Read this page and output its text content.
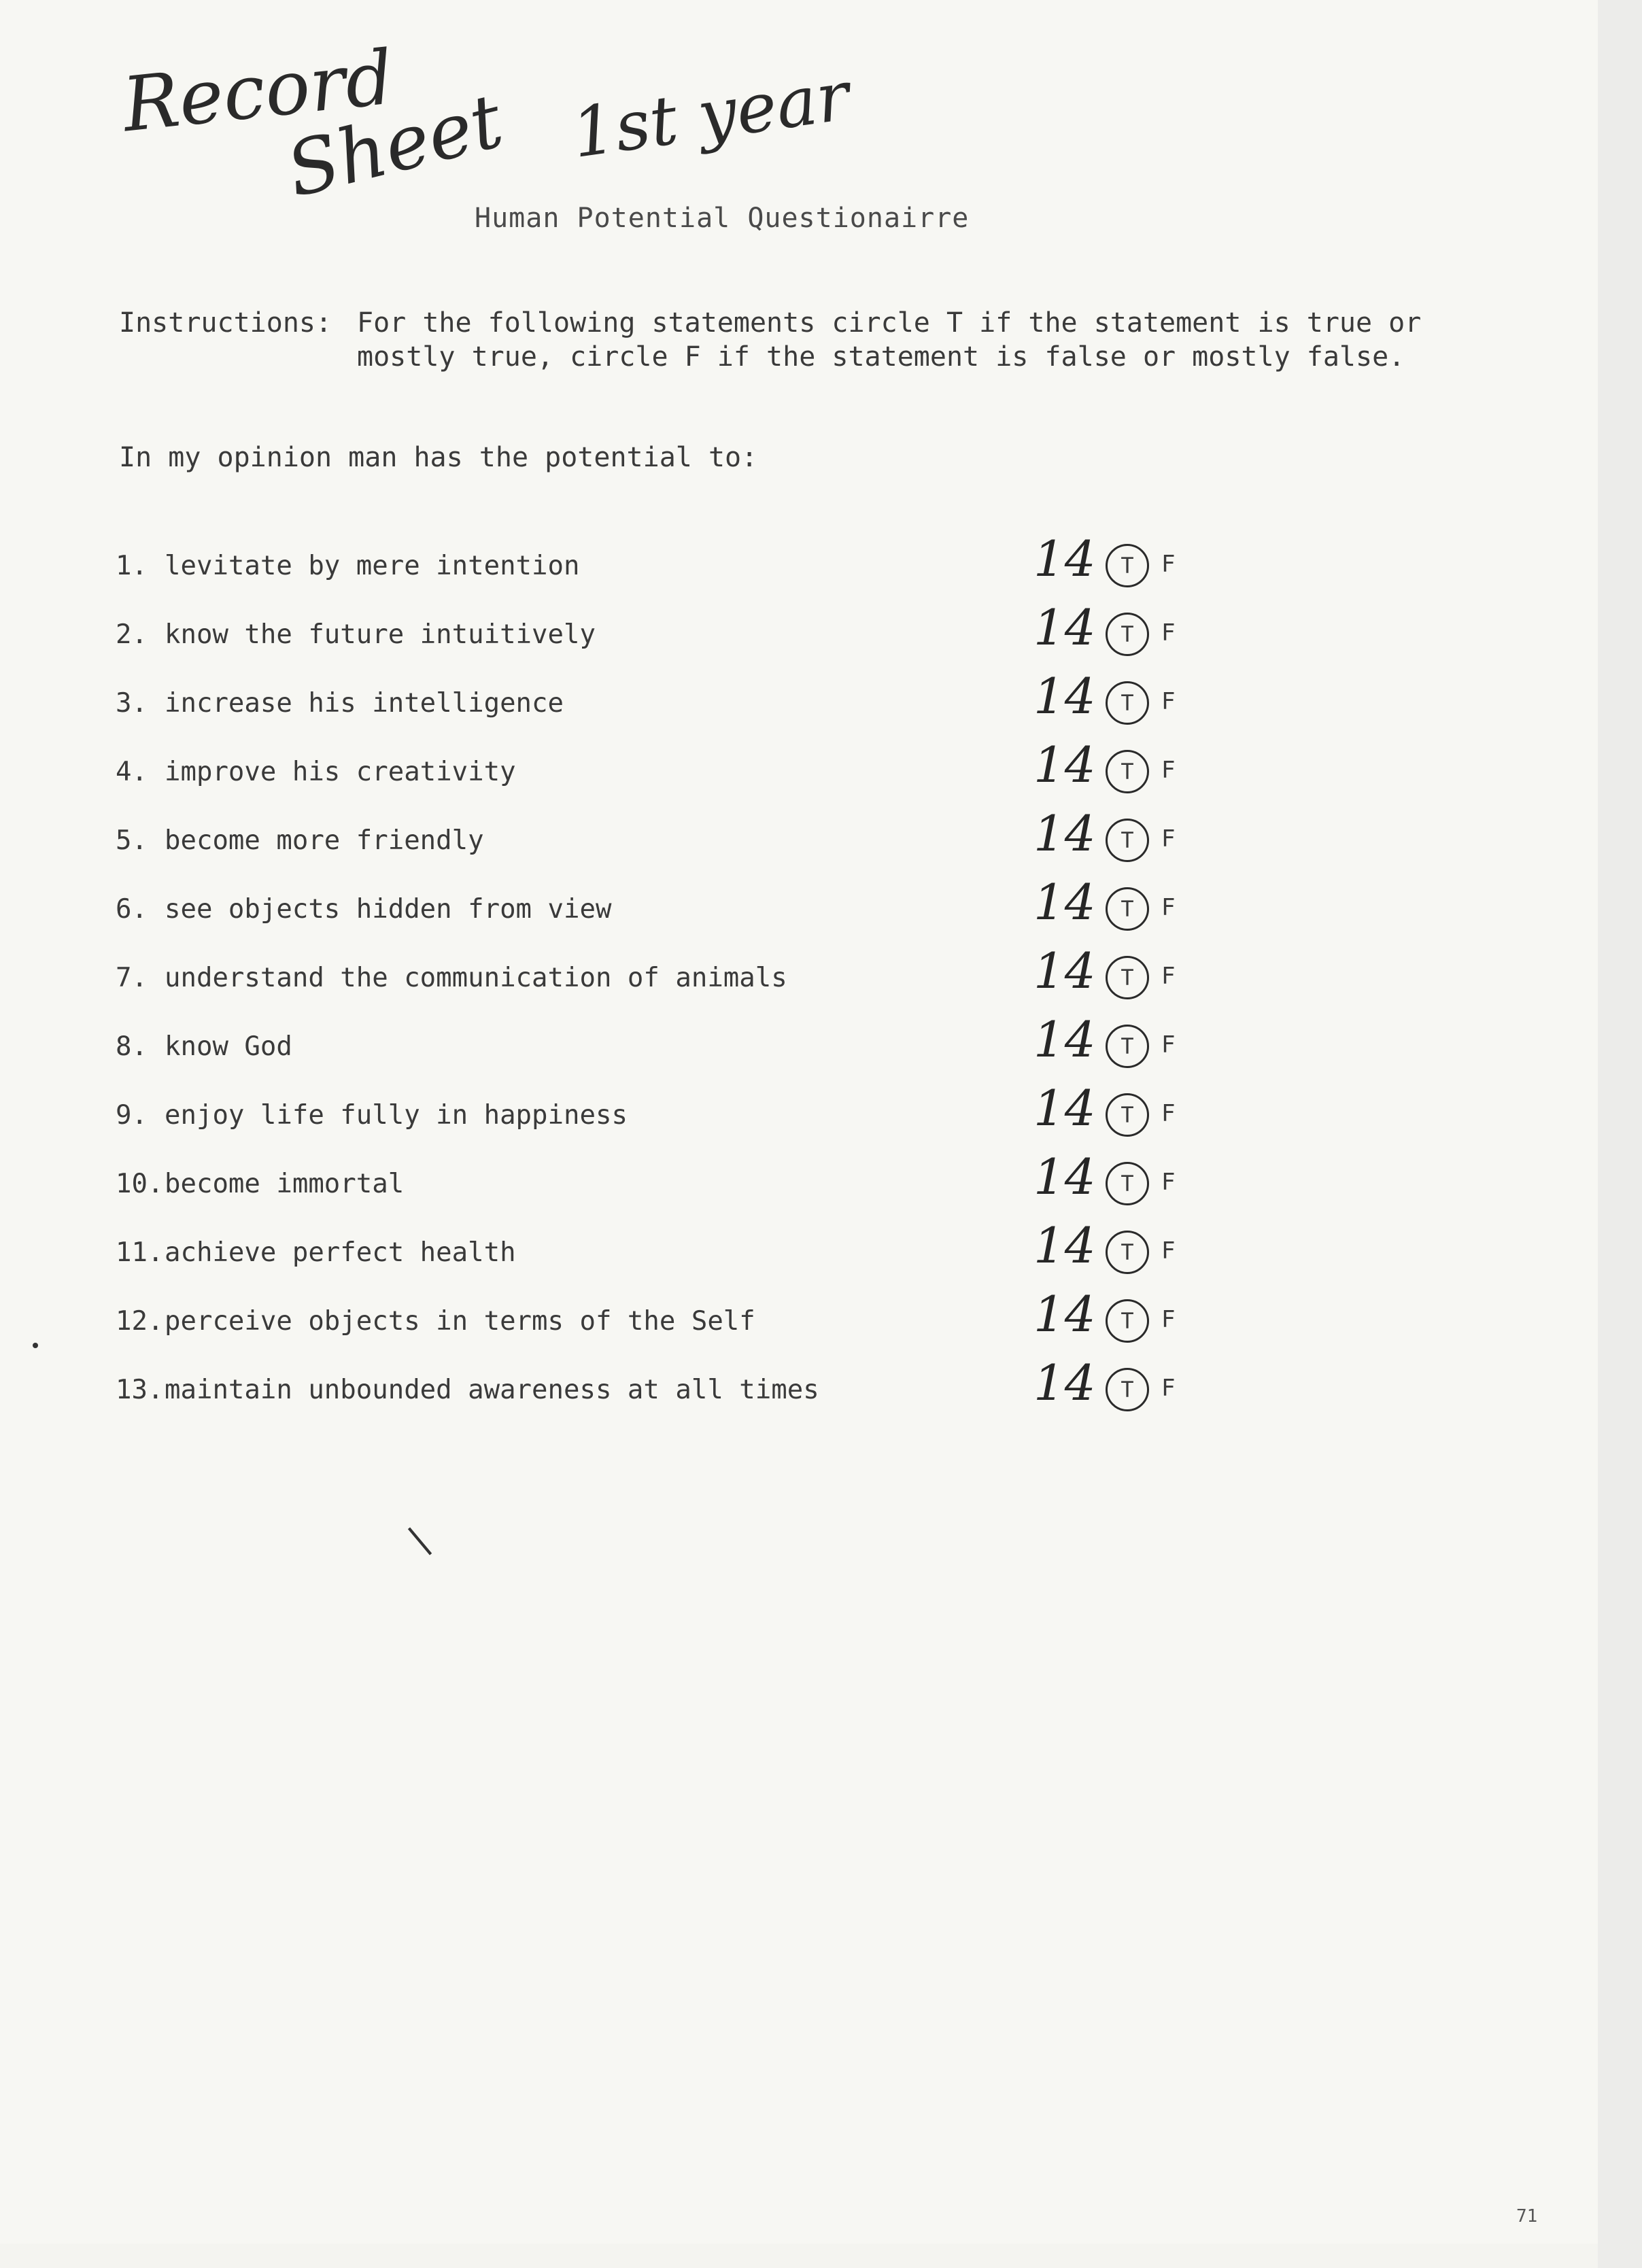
Record
Sheet 1st year
Human Potential Questionairre
Instructions: For the following statements circle T if the statement is true or
mostly true, circle F if the statement is false or mostly false.
In my opinion man has the potential to:
1. levitate by mere intention	14	T	F
2. know the future intuitively	14	T	F
3. increase his intelligence	14	T	F
4. improve his creativity	14	T	F
5. become more friendly	14	T	F
6. see objects hidden from view	14	T	F
7. understand the communication of animals	14	T	F
8. know God	14	T	F
9. enjoy life fully in happiness	14	T	F
10.become immortal	14	T	F
11.achieve perfect health	14	T	F
12.perceive objects in terms of the Self	14	T	F
13.maintain unbounded awareness at all times	14	T	F
|
71
